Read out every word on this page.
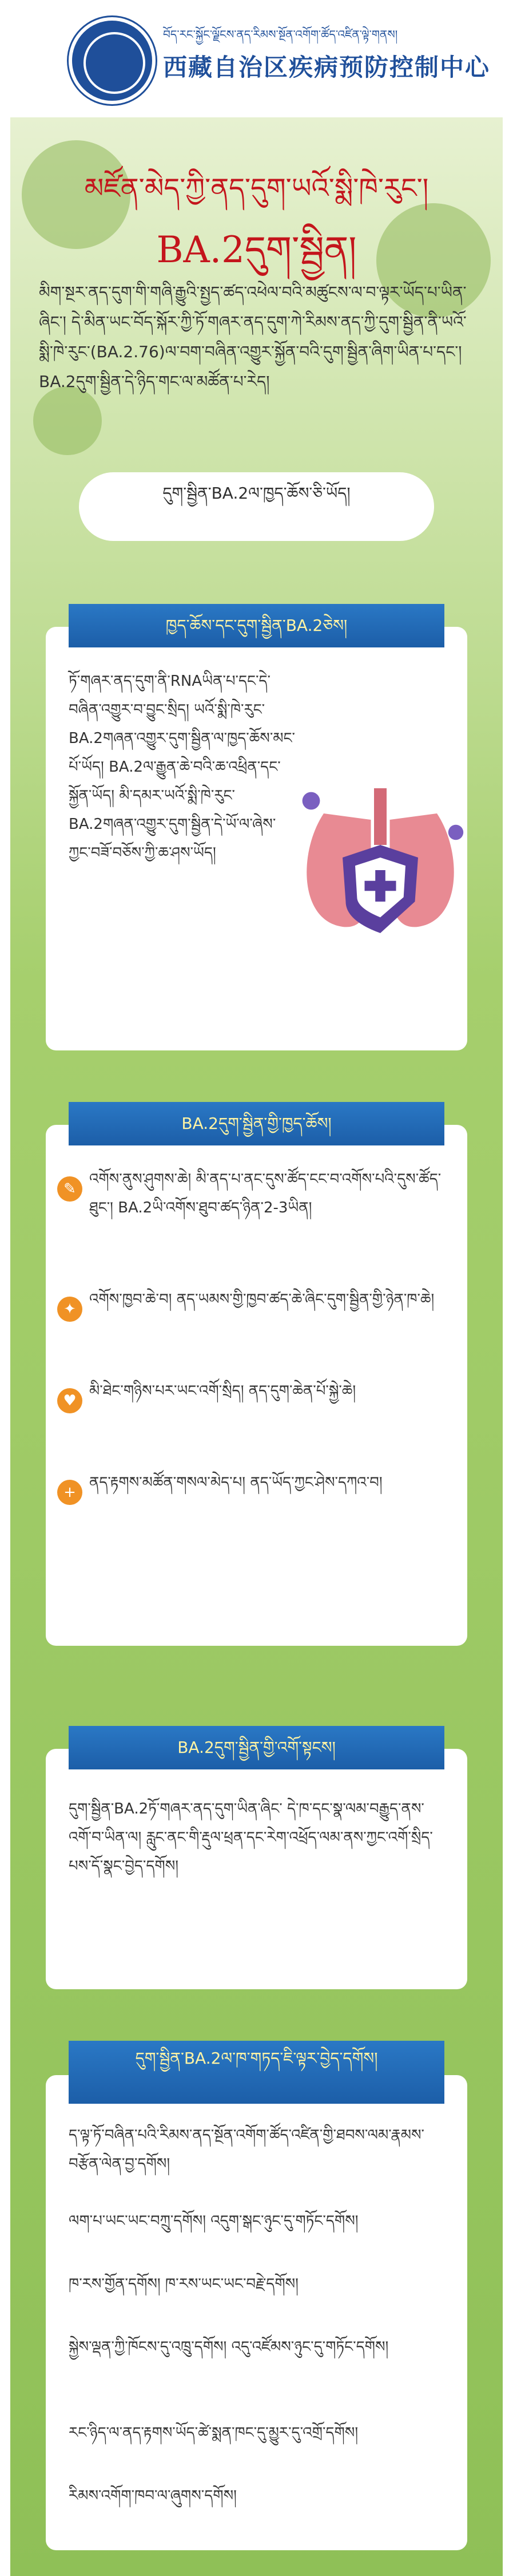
བོད་རང་སྐྱོང་ལྗོངས་ནད་རིམས་སྔོན་འགོག་ཚོད་འཛིན་ལྟེ་གནས།
西藏自治区疾病预防控制中心
མཛོན་མེད་ཀྱི་ནད་དུག་ཡའོ་སྨི་ཁེ་རུང་།
BA.2དུག་སྦྱིན།
མིག་སྔར་ནད་དུག་གི་གཞི་རྒྱུའི་སྤྱད་ཚད་འཕེལ་བའི་མཚུངས་ལ་བ་ལྟར་ཡོད་པ་ཡིན་ཞིང་། དེ་མིན་ཡང་བོད་སྐོར་ཀྱི་ཏོ་གཞར་ནད་དུག་ཀེ་རིམས་ནད་ཀྱི་དུག་སྦྱིན་ནི་ཡའོ་སྨི་ཁེ་རུང་(BA.2.76)ལ་བག་བཞིན་འགྱུར་སྐྱོན་བའི་དུག་སྦྱིན་ཞིག་ཡིན་པ་དང་། BA.2དུག་སྦྱིན་དེ་ཉིད་གང་ལ་མཚོན་པ་རེད།
དུག་སྦྱིན་BA.2ལ་ཁྱད་ཆོས་ཅི་ཡོད།
ཁྱད་ཆོས་དང་དུག་སྦྱིན་BA.2ཅེས།
ཏོ་གཞར་ནད་དུག་ནི་RNAཡིན་པ་དང་དེ་བཞིན་འགྱུར་བ་བྱུང་སྲིད། ཡའོ་སྨི་ཁེ་རུང་BA.2གཞན་འགྱུར་དུག་སྦྱིན་ལ་ཁྱད་ཆོས་མང་པོ་ཡོད། BA.2ལ་རྒྱུན་ཆེ་བའི་ཆ་འཕྲིན་དང་སྐྱོན་ཡོད། མི་དམར་ཡའོ་སྨི་ཁེ་རུང་BA.2གཞན་འགྱུར་དུག་སྦྱིན་དེ་ཡོ་ལ་ཞེས་ཀྱང་བཟོ་བཅོས་ཀྱི་ཆ་ཤས་ཡོད།
BA.2དུག་སྦྱིན་གྱི་ཁྱད་ཆོས།
✎
འགོས་ནུས་ཤུགས་ཆེ། མི་ནད་པ་ནང་དུས་ཚོད་ངང་བ་འགོས་པའི་དུས་ཚོད་ཐུང་། BA.2ཡི་འགོས་ཐུབ་ཚད་ཉིན་2-3ཡིན།
✦
འགོས་ཁྱབ་ཆེ་བ། ནད་ཡམས་གྱི་ཁྱབ་ཚད་ཆེ་ཞིང་དུག་སྦྱིན་གྱི་ཉེན་ཁ་ཆེ།
♥
མི་ཐེང་གཉིས་པར་ཡང་འགོ་སྲིད། ནད་དུག་ཆེན་པོ་སྐྱེ་ཆེ།
+
ནད་རྟགས་མཚོན་གསལ་མེད་པ། ནད་ཡོད་ཀྱང་ཤེས་དཀའ་བ།
BA.2དུག་སྦྱིན་གྱི་འགོ་སྟངས།
དུག་སྦྱིན་BA.2ཏོ་གཞར་ནད་དུག་ཡིན་ཞིང་ དེ་ཁ་དང་སྣ་ལམ་བརྒྱུད་ནས་འགོ་བ་ཡིན་ལ། རླུང་ནང་གི་རྡུལ་ཕྲན་དང་རེག་འཕྲོད་ལམ་ནས་ཀྱང་འགོ་སྲིད་པས་དོ་སྣང་བྱེད་དགོས།
དུག་སྦྱིན་BA.2ལ་ཁ་གཏད་ཇི་ལྟར་བྱེད་དགོས།
ད་ལྟ་ཏོ་བཞིན་པའི་རིམས་ནད་སྔོན་འགོག་ཚོད་འཛིན་གྱི་ཐབས་ལམ་རྣམས་བརྩོན་ལེན་བྱ་དགོས།
ལག་པ་ཡང་ཡང་བཀྲུ་དགོས། འདུག་སྒང་ཉུང་དུ་གཏོང་དགོས།
ཁ་རས་གྱོན་དགོས། ཁ་རས་ཡང་ཡང་བརྗེ་དགོས།
སྐྱེས་ལྡན་ཀྱི་ཁོངས་དུ་འཁྲུ་དགོས། འདུ་འཛོམས་ཉུང་དུ་གཏོང་དགོས།
རང་ཉིད་ལ་ནད་རྟགས་ཡོད་ཚེ་སྨན་ཁང་དུ་མྱུར་དུ་འགྲོ་དགོས།
རིམས་འགོག་ཁབ་ལ་ཞུགས་དགོས།
